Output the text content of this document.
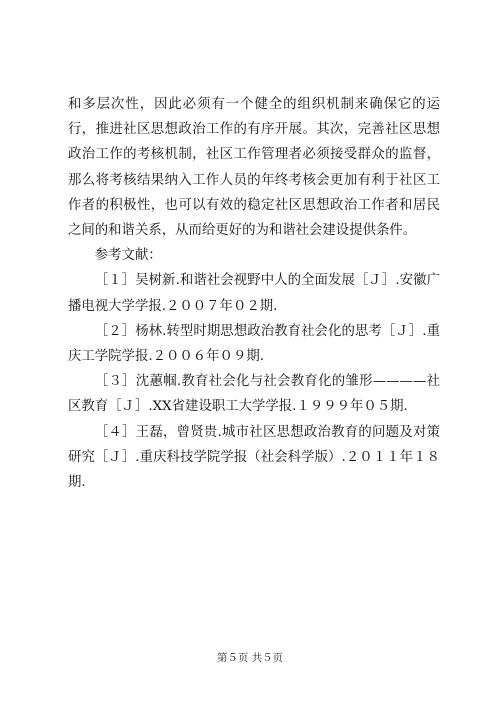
和多层次性，因此必须有一个健全的组织机制来确保它的运行，推进社区思想政治工作的有序开展。其次，完善社区思想政治工作的考核机制，社区工作管理者必须接受群众的监督，那么将考核结果纳入工作人员的年终考核会更加有利于社区工作者的积极性，也可以有效的稳定社区思想政治工作者和居民之间的和谐关系，从而给更好的为和谐社会建设提供条件。

参考文献：

［１］吴树新.和谐社会视野中人的全面发展［Ｊ］.安徽广播电视大学学报.２００７年０２期.

［２］杨林.转型时期思想政治教育社会化的思考［Ｊ］.重庆工学院学报.２００６年０９期.

［３］沈蕙帼.教育社会化与社会教育化的雏形————社区教育［Ｊ］.XX省建设职工大学学报.１９９９年０５期.

［４］王磊，曾贤贵.城市社区思想政治教育的问题及对策研究［Ｊ］.重庆科技学院学报（社会科学版）.２０１１年１８期.

第５页 共５页
